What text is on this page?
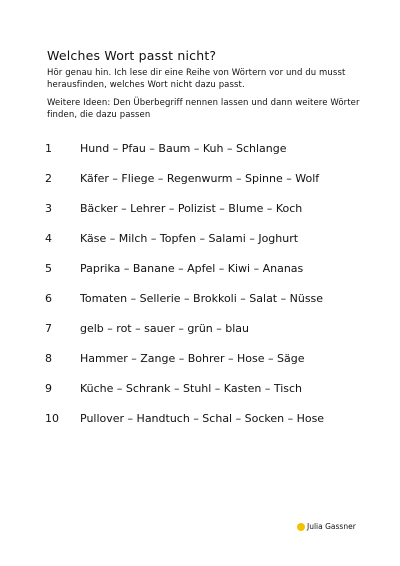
Welches Wort passt nicht?
Hör genau hin. Ich lese dir eine Reihe von Wörtern vor und du musst herausfinden, welches Wort nicht dazu passt.
Weitere Ideen: Den Überbegriff nennen lassen und dann weitere Wörter finden, die dazu passen
1	Hund – Pfau – Baum – Kuh – Schlange
2	Käfer – Fliege – Regenwurm – Spinne – Wolf
3	Bäcker – Lehrer – Polizist – Blume – Koch
4	Käse – Milch – Topfen – Salami – Joghurt
5	Paprika – Banane – Apfel – Kiwi – Ananas
6	Tomaten – Sellerie – Brokkoli – Salat – Nüsse
7	gelb – rot – sauer – grün – blau
8	Hammer – Zange – Bohrer – Hose – Säge
9	Küche – Schrank – Stuhl – Kasten – Tisch
10 Pullover – Handtuch – Schal – Socken – Hose
Julia Gassner
